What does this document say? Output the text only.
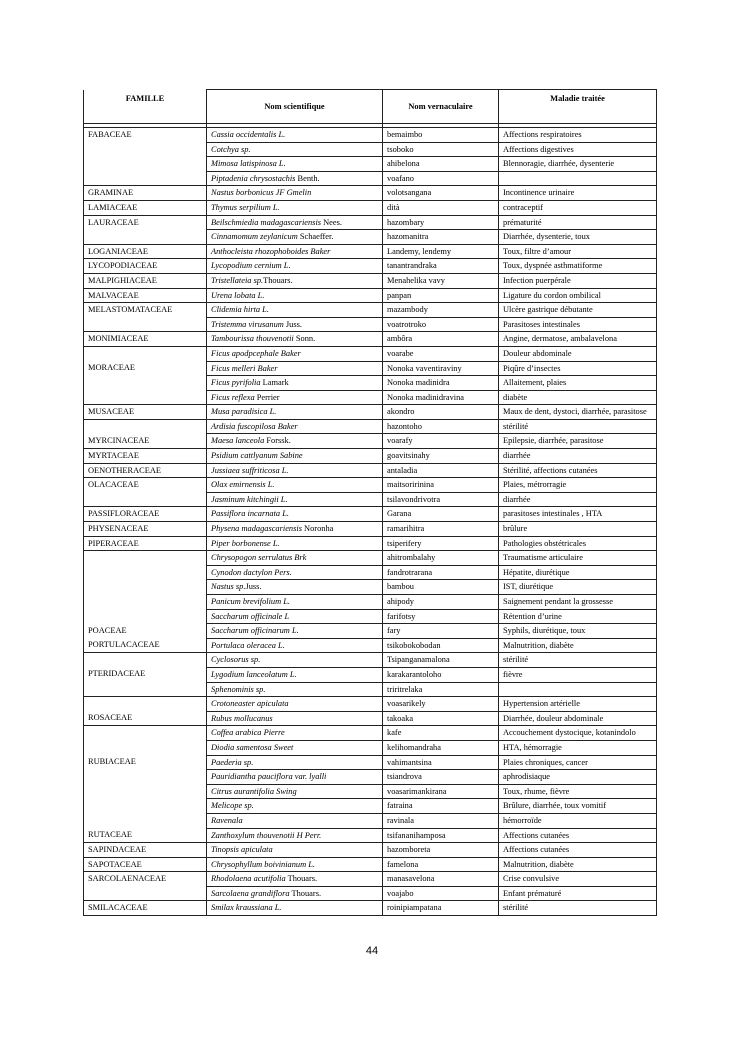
FAMILLE	Nom scientifique	Nom vernaculaire	Maladie traitée

FABACEAE	Cassia occidentalis L.	bemaimbo	Affections respiratoires
	Cotchya sp.	tsoboko	Affections digestives
	Mimosa latispinosa L.	ahibelona	Blennoragie, diarrhée, dysenterie
	Piptadenia chrysostachis Benth.	voafano	
GRAMINAE	Nastus borbonicus JF Gmelin	volotsangana	Incontinence urinaire
LAMIACEAE	Thymus serpilium L.	dità	contraceptif
LAURACEAE	Beilschmiedia madagascariensis Nees.	hazombary	prématurité
	Cinnamomum zeylanicum Schaeffer.	hazomanitra	Diarrhée, dysenterie, toux
LOGANIACEAE	Anthocleista rhozophoboides Baker	Landemy, lendemy	Toux, filtre d’amour
LYCOPODIACEAE	Lycopodium cernium L.	tanantrandraka	Toux, dyspnée asthmatiforme
MALPIGHIACEAE	Tristellateia sp.Thouars.	Menahelika vavy	Infection puerpérale
MALVACEAE	Urena lobata L.	panpan	Ligature du cordon ombilical
MELASTOMATACEAE	Clidemia hirta L.	mazambody	Ulcère gastrique débutante
	Tristemma virusanum Juss.	voatrotroko	Parasitoses intestinales
MONIMIACEAE	Tambourissa thouvenotii Sonn.	ambôra	Angine, dermatose, ambalavelona
	Ficus apodpcephale Baker	voarabe	Douleur abdominale
MORACEAE	Ficus melleri Baker	Nonoka vaventiraviny	Piqûre d’insectes
	Ficus pyrifolia Lamark	Nonoka madinidra	Allaitement, plaies
	Ficus reflexa Perrier	Nonoka madinidravina	diabète
MUSACEAE	Musa paradisica L.	akondro	Maux de dent, dystoci, diarrhée, parasitose
	Ardisia fuscopilosa Baker	hazontoho	stérilité
MYRCINACEAE	Maesa lanceola Forssk.	voarafy	Epilepsie, diarrhée, parasitose
MYRTACEAE	Psidium cattlyanum Sabine	goavitsinahy	diarrhée
OENOTHERACEAE	Jussiaea suffriticosa L.	antaladia	Stérilité, affections cutanées
OLACACEAE	Olax emirnensis L.	maitsoririnina	Plaies, métrorragie
	Jasminum kitchingii L.	tsilavondrivotra	diarrhée
PASSIFLORACEAE	Passiflora incarnata L.	Garana	parasitoses intestinales , HTA
PHYSENACEAE	Physena madagascariensis Noronha	ramarihitra	brûlure
PIPERACEAE	Piper borbonense L.	tsiperifery	Pathologies obstétricales
	Chrysopogon serrulatus Brk	ahitrombalahy	Traumatisme articulaire
	Cynodon dactylon Pers.	fandrotrarana	Hépatite, diurétique
	Nastus sp.Juss.	bambou	IST, diurétique
	Panicum brevifolium L.	ahipody	Saignement pendant la grossesse
	Saccharum officinale L	farifotsy	Rétention d’urine
POACEAE	Saccharum officinarum L.	fary	Syphils, diurétique, toux
PORTULACACEAE	Portulaca oleracea L.	tsikobokobodan	Malnutrition, diabète
	Cyclosorus sp.	Tsipanganamalona	stérilité
PTERIDACEAE	Lygodium lanceolatum L.	karakarantoloho	fièvre
	Sphenominis sp.	triritrelaka	
	Crotoneaster apiculata	voasarikely	Hypertension artérielle
ROSACEAE	Rubus mollucanus	takoaka	Diarrhée, douleur abdominale
	Coffea arabica Pierre	kafe	Accouchement dystocique, kotanindolo
	Diodia samentosa Sweet	kelihomandraha	HTA, hémorragie
RUBIACEAE	Paederia sp.	vahimantsina	Plaies chroniques, cancer
	Pauridiantha pauciflora var. lyalli	tsiandrova	aphrodisiaque
	Citrus aurantifolia Swing	voasarimankirana	Toux, rhume, fièvre
	Melicope sp.	fatraina	Brûlure, diarrhée, toux vomitif
	Ravenala	ravinala	hémorroïde
RUTACEAE	Zanthoxylum thouvenotii H Perr.	tsifananihamposa	Affections cutanées
SAPINDACEAE	Tinopsis apiculata	hazomboreta	Affections cutanées
SAPOTACEAE	Chrysophyllum boivinianum L.	famelona	Malnutrition, diabète
SARCOLAENACEAE	Rhodolaena acutifolia Thouars.	manasavelona	Crise convulsive
	Sarcolaena grandiflora Thouars.	voajabo	Enfant prématuré
SMILACACEAE	Smilax kraussiana L.	roinipiampatana	stérilité
44
